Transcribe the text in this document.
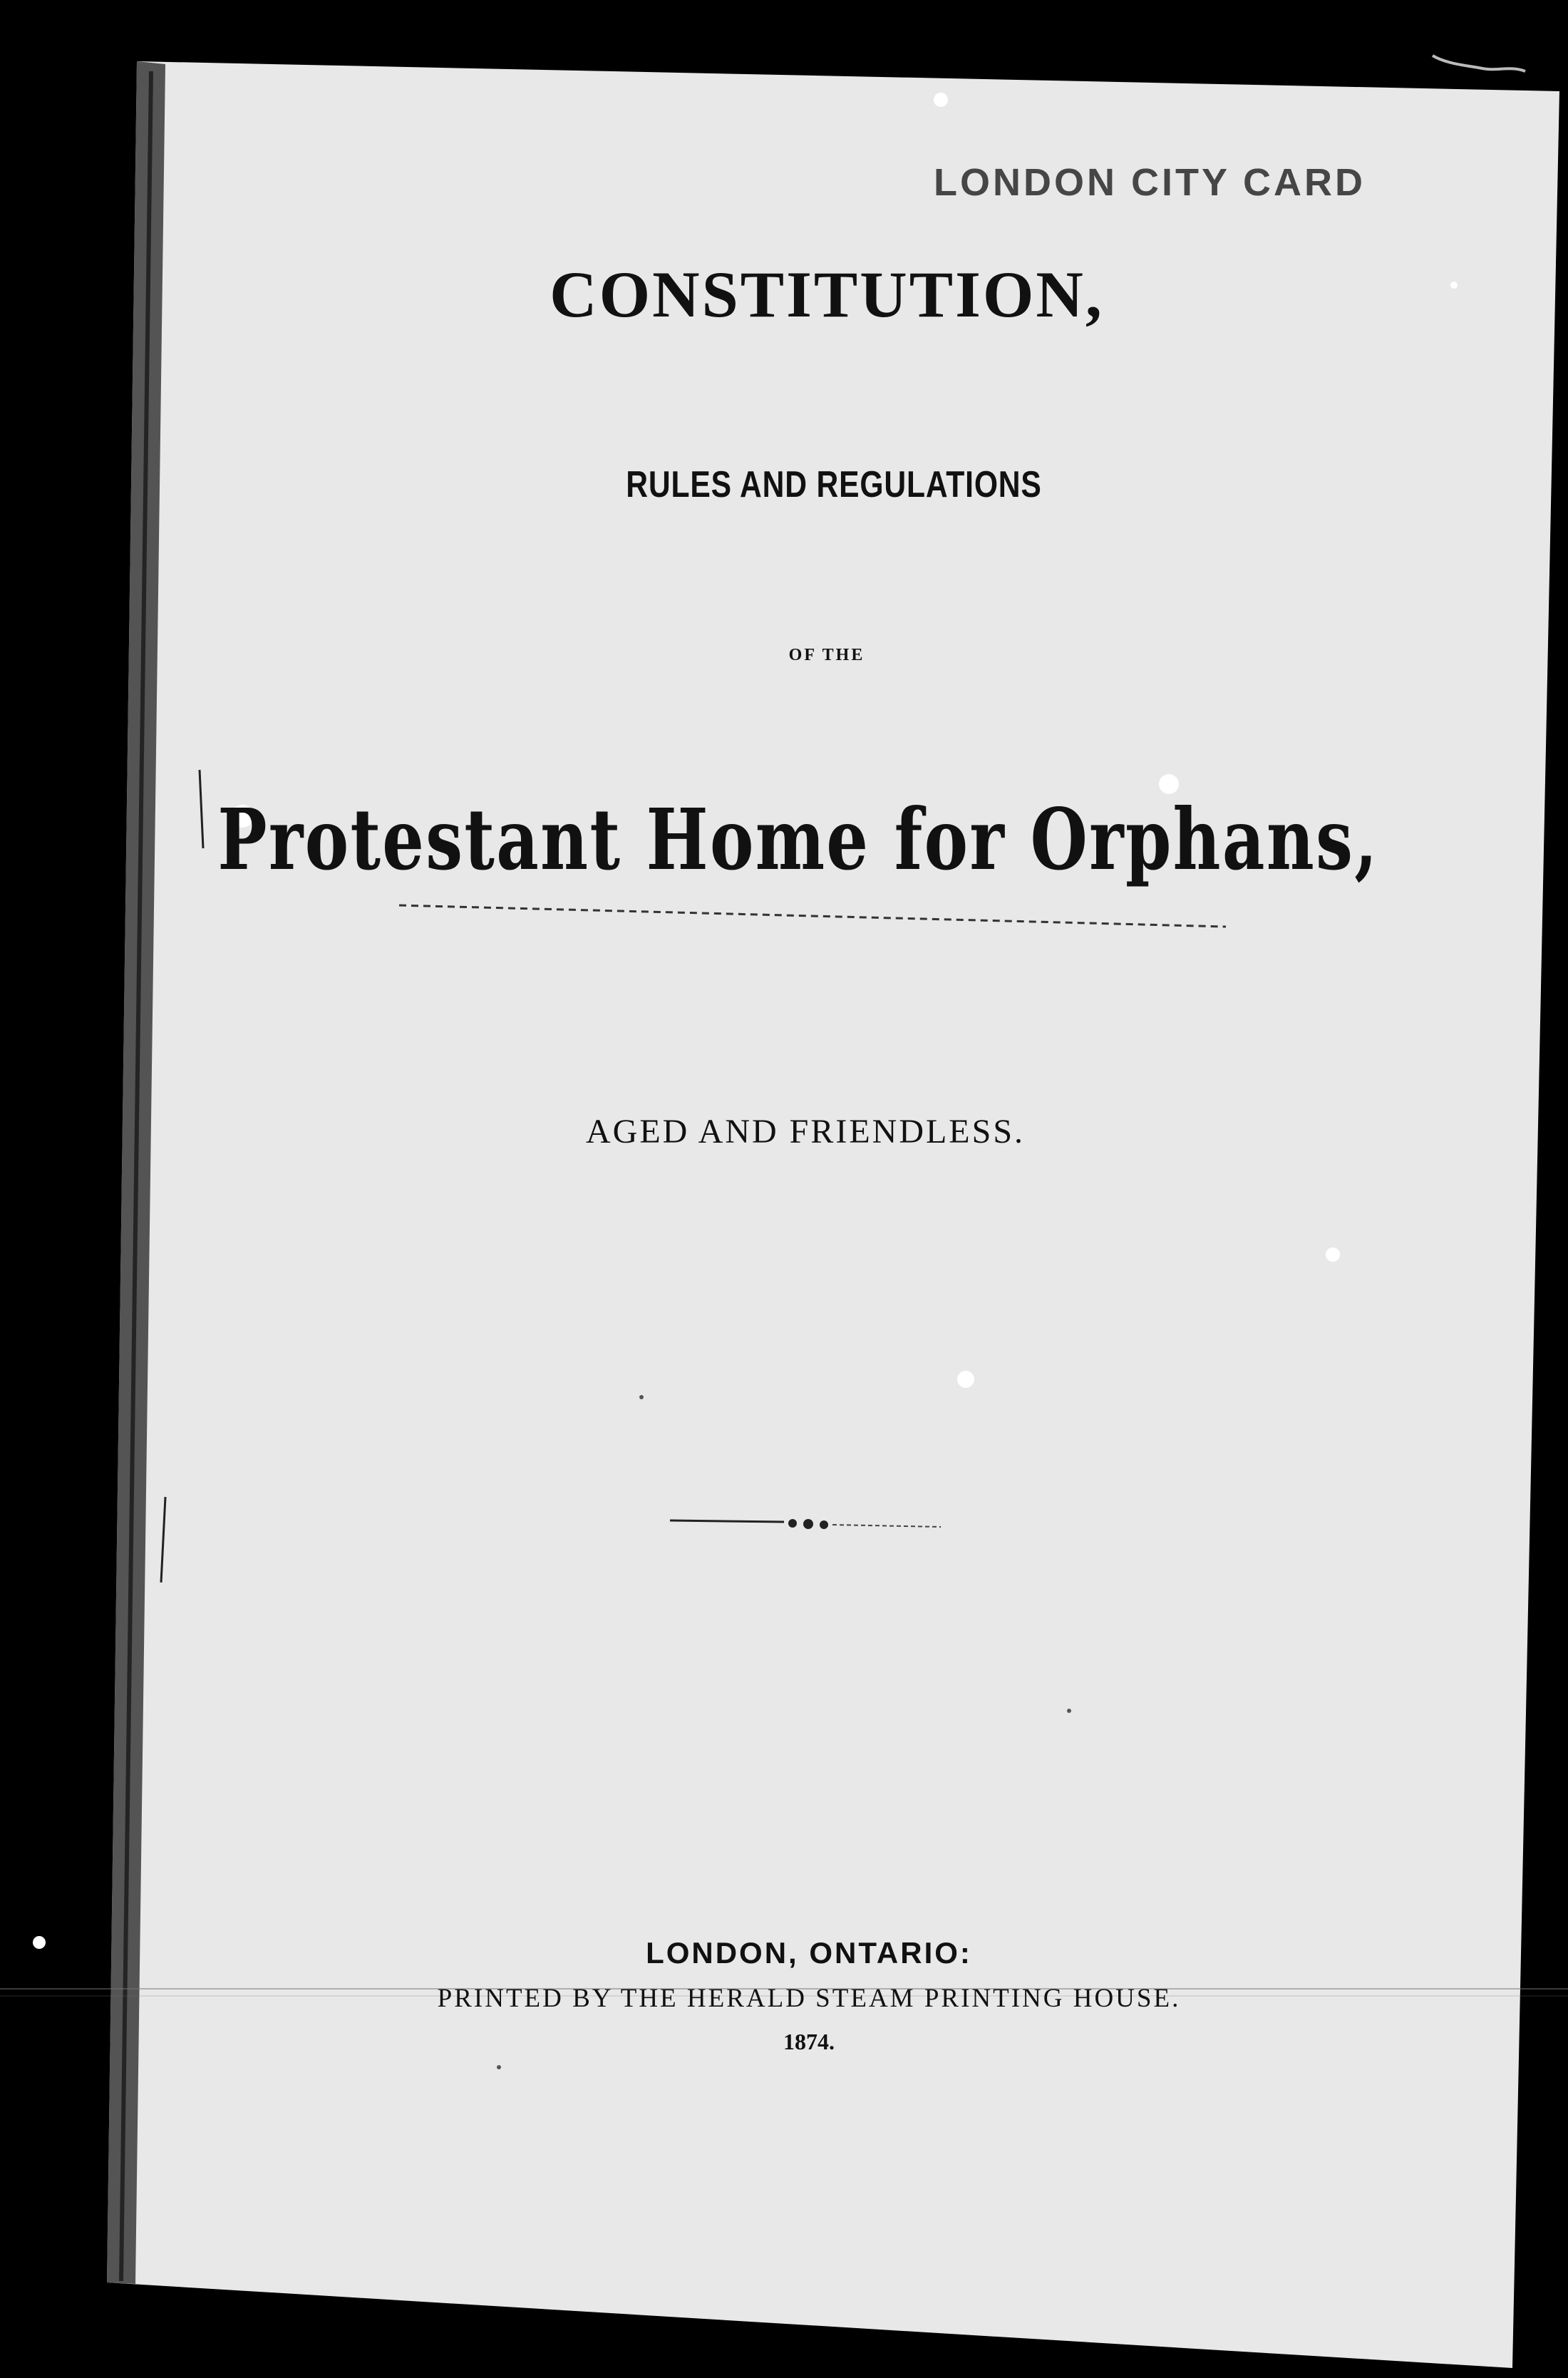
LONDON CITY CARD
CONSTITUTION,
RULES AND REGULATIONS
OF THE
Protestant Home for Orphans,
AGED AND FRIENDLESS.
LONDON, ONTARIO:
PRINTED BY THE HERALD STEAM PRINTING HOUSE.
1874.
